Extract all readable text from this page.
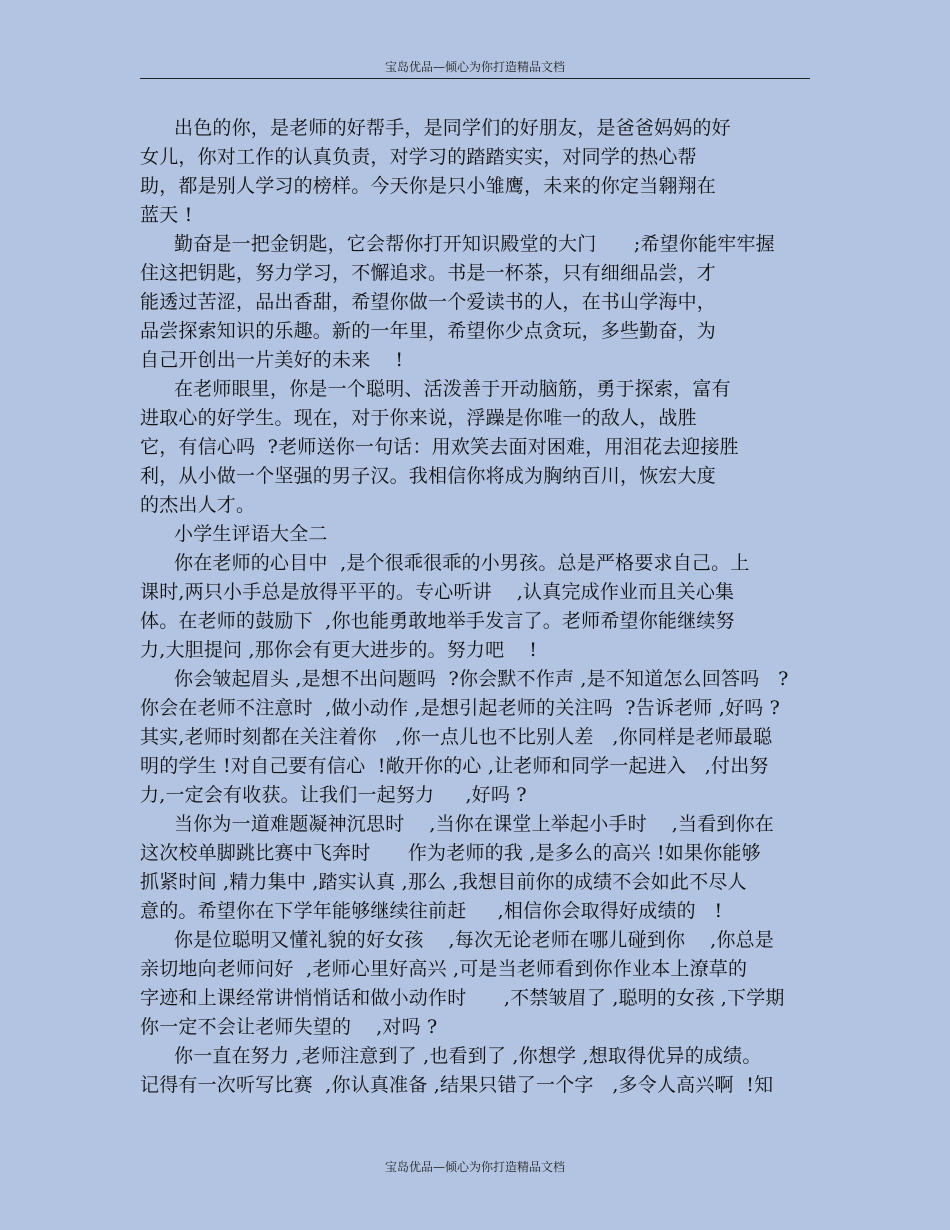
宝岛优品—倾心为你打造精品文档
出色的你，是老师的好帮手，是同学们的好朋友，是爸爸妈妈的好
女儿，你对工作的认真负责，对学习的踏踏实实，对同学的热心帮
助，都是别人学习的榜样。今天你是只小雏鹰，未来的你定当翱翔在
蓝天 !
勤奋是一把金钥匙，它会帮你打开知识殿堂的大门      ;希望你能牢牢握
住这把钥匙，努力学习，不懈追求。书是一杯茶，只有细细品尝，才
能透过苦涩，品出香甜，希望你做一个爱读书的人，在书山学海中，
品尝探索知识的乐趣。新的一年里，希望你少点贪玩，多些勤奋，为
自己开创出一片美好的未来    !
在老师眼里，你是一个聪明、活泼善于开动脑筋，勇于探索，富有
进取心的好学生。现在，对于你来说，浮躁是你唯一的敌人，战胜
它，有信心吗  ?老师送你一句话：用欢笑去面对困难，用泪花去迎接胜
利，从小做一个坚强的男子汉。我相信你将成为胸纳百川，恢宏大度
的杰出人才。
小学生评语大全二
你在老师的心目中  ,是个很乖很乖的小男孩。总是严格要求自己。上
课时,两只小手总是放得平平的。专心听讲    ,认真完成作业而且关心集
体。在老师的鼓励下  ,你也能勇敢地举手发言了。老师希望你能继续努
力,大胆提问 ,那你会有更大进步的。努力吧    !
你会皱起眉头 ,是想不出问题吗  ?你会默不作声 ,是不知道怎么回答吗   ?
你会在老师不注意时  ,做小动作 ,是想引起老师的关注吗  ?告诉老师 ,好吗 ?
其实,老师时刻都在关注着你   ,你一点儿也不比别人差   ,你同样是老师最聪
明的学生 !对自己要有信心  !敞开你的心 ,让老师和同学一起进入   ,付出努
力,一定会有收获。让我们一起努力     ,好吗 ?
当你为一道难题凝神沉思时    ,当你在课堂上举起小手时    ,当看到你在
这次校单脚跳比赛中飞奔时      作为老师的我 ,是多么的高兴 !如果你能够
抓紧时间 ,精力集中 ,踏实认真 ,那么 ,我想目前你的成绩不会如此不尽人
意的。希望你在下学年能够继续往前赶     ,相信你会取得好成绩的   !
你是位聪明又懂礼貌的好女孩    ,每次无论老师在哪儿碰到你    ,你总是
亲切地向老师问好  ,老师心里好高兴 ,可是当老师看到你作业本上潦草的
字迹和上课经常讲悄悄话和做小动作时      ,不禁皱眉了 ,聪明的女孩 ,下学期
你一定不会让老师失望的    ,对吗 ?
你一直在努力 ,老师注意到了 ,也看到了 ,你想学 ,想取得优异的成绩。
记得有一次听写比赛  ,你认真准备 ,结果只错了一个字   ,多令人高兴啊  !知
宝岛优品—倾心为你打造精品文档
